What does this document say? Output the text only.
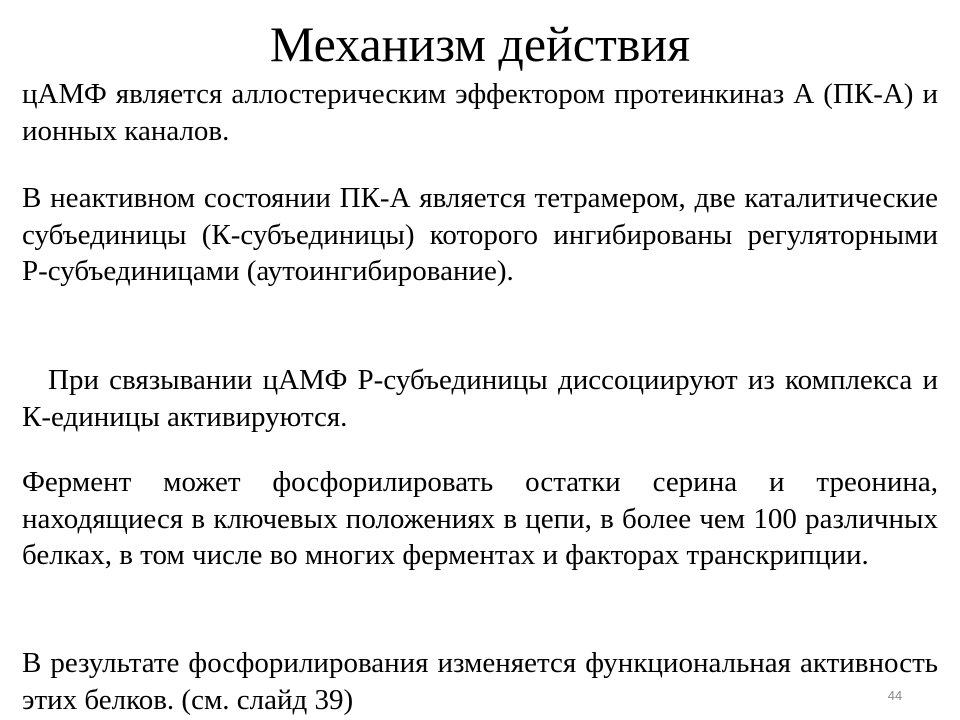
Механизм действия

цАМФ является аллостерическим эффектором протеинкиназ А (ПК-А) и ионных каналов.

В неактивном состоянии ПК-А является тетрамером, две каталитические субъединицы (К-субъединицы) которого ингибированы регуляторными Р-субъединицами (аутоингибирование).

При связывании цАМФ Р-субъединицы диссоциируют из комплекса и К-единицы активируются.

Фермент может фосфорилировать остатки серина и треонина, находящиеся в ключевых положениях в цепи, в более чем 100 различных белках, в том числе во многих ферментах и факторах транскрипции.

В результате фосфорилирования изменяется функциональная активность этих белков. (см. слайд 39)	44
